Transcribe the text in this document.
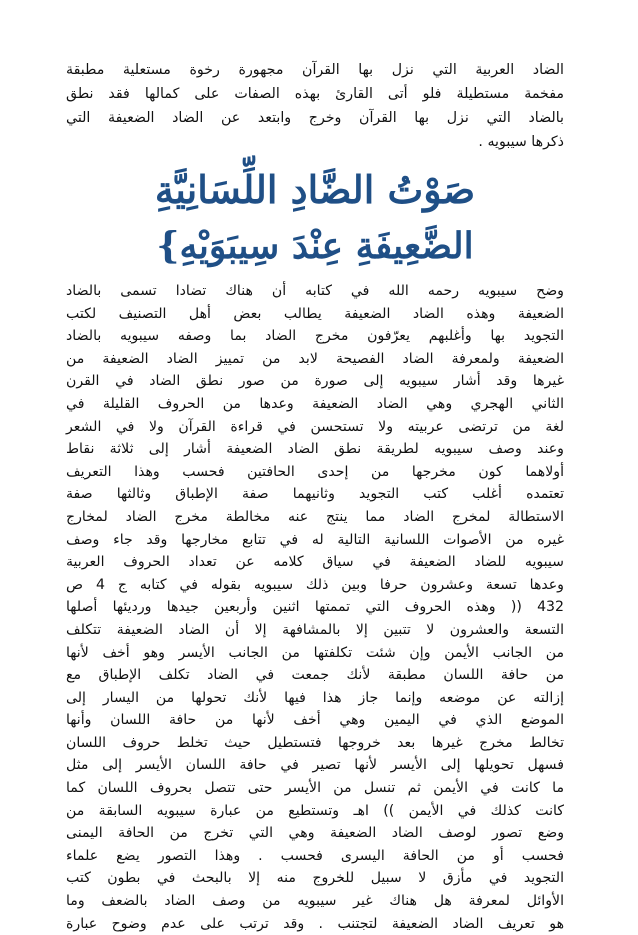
الضاد العربية التي نزل بها القرآن مجهورة رخوة مستعلية مطبقة

مفخمة مستطيلة فلو أتى القارئ بهذه الصفات على كمالها فقد نطق

بالضاد التي نزل بها القرآن وخرج وابتعد عن الضاد الضعيفة التي

ذكرها سيبويه .

صَوْتُ الضَّادِ اللِّسَانِيَّةِ
الضَّعِيفَةِ عِنْدَ سِيبَوَيْهِ}

وضح سيبويه رحمه الله في كتابه أن هناك تضادا تسمى بالضاد

الضعيفة وهذه الضاد الضعيفة يطالب بعض أهل التصنيف لكتب

التجويد بها وأغلبهم يعرّفون مخرج الضاد بما وصفه سيبويه بالضاد

الضعيفة ولمعرفة الضاد الفصيحة لابد من تمييز الضاد الضعيفة من

غيرها وقد أشار سيبويه إلى صورة من صور نطق الضاد في القرن

الثاني الهجري وهي الضاد الضعيفة وعدها من الحروف القليلة في

لغة من ترتضى عربيته ولا تستحسن في قراءة القرآن ولا في الشعر

وعند وصف سيبويه لطريقة نطق الضاد الضعيفة أشار إلى ثلاثة نقاط

أولاهما كون مخرجها من إحدى الحافتين فحسب وهذا التعريف

تعتمده أغلب كتب التجويد وثانيهما صفة الإطباق وثالثها صفة

الاستطالة لمخرج الضاد مما ينتج عنه مخالطة مخرج الضاد لمخارج

غيره من الأصوات اللسانية التالية له في تتابع مخارجها وقد جاء وصف

سيبويه للضاد الضعيفة في سياق كلامه عن تعداد الحروف العربية

وعدها تسعة وعشرون حرفا وبين ذلك سيبويه بقوله في كتابه ج 4 ص

432 (( وهذه الحروف التي تممتها اثنين وأربعين جيدها ورديئها أصلها

التسعة والعشرون لا تتبين إلا بالمشافهة إلا أن الضاد الضعيفة تتكلف

من الجانب الأيمن وإن شئت تكلفتها من الجانب الأيسر وهو أخف لأنها

من حافة اللسان مطبقة لأنك جمعت في الضاد تكلف الإطباق مع

إزالته عن موضعه وإنما جاز هذا فيها لأنك تحولها من اليسار إلى

الموضع الذي في اليمين وهي أخف لأنها من حافة اللسان وأنها

تخالط مخرج غيرها بعد خروجها فتستطيل حيث تخلط حروف اللسان

فسهل تحويلها إلى الأيسر لأنها تصير في حافة اللسان الأيسر إلى مثل

ما كانت في الأيمن ثم تنسل من الأيسر حتى تتصل بحروف اللسان كما

كانت كذلك في الأيمن )) اهـ وتستطيع من عبارة سيبويه السابقة من

وضع تصور لوصف الضاد الضعيفة وهي التي تخرج من الحافة اليمنى

فحسب أو من الحافة اليسرى فحسب . وهذا التصور يضع علماء

التجويد في مأزق لا سبيل للخروج منه إلا بالبحث في بطون كتب

الأوائل لمعرفة هل هناك غير سيبويه من وصف الضاد بالضعف وما

هو تعريف الضاد الضعيفة لتجتنب . وقد ترتب على عدم وضوح عبارة
